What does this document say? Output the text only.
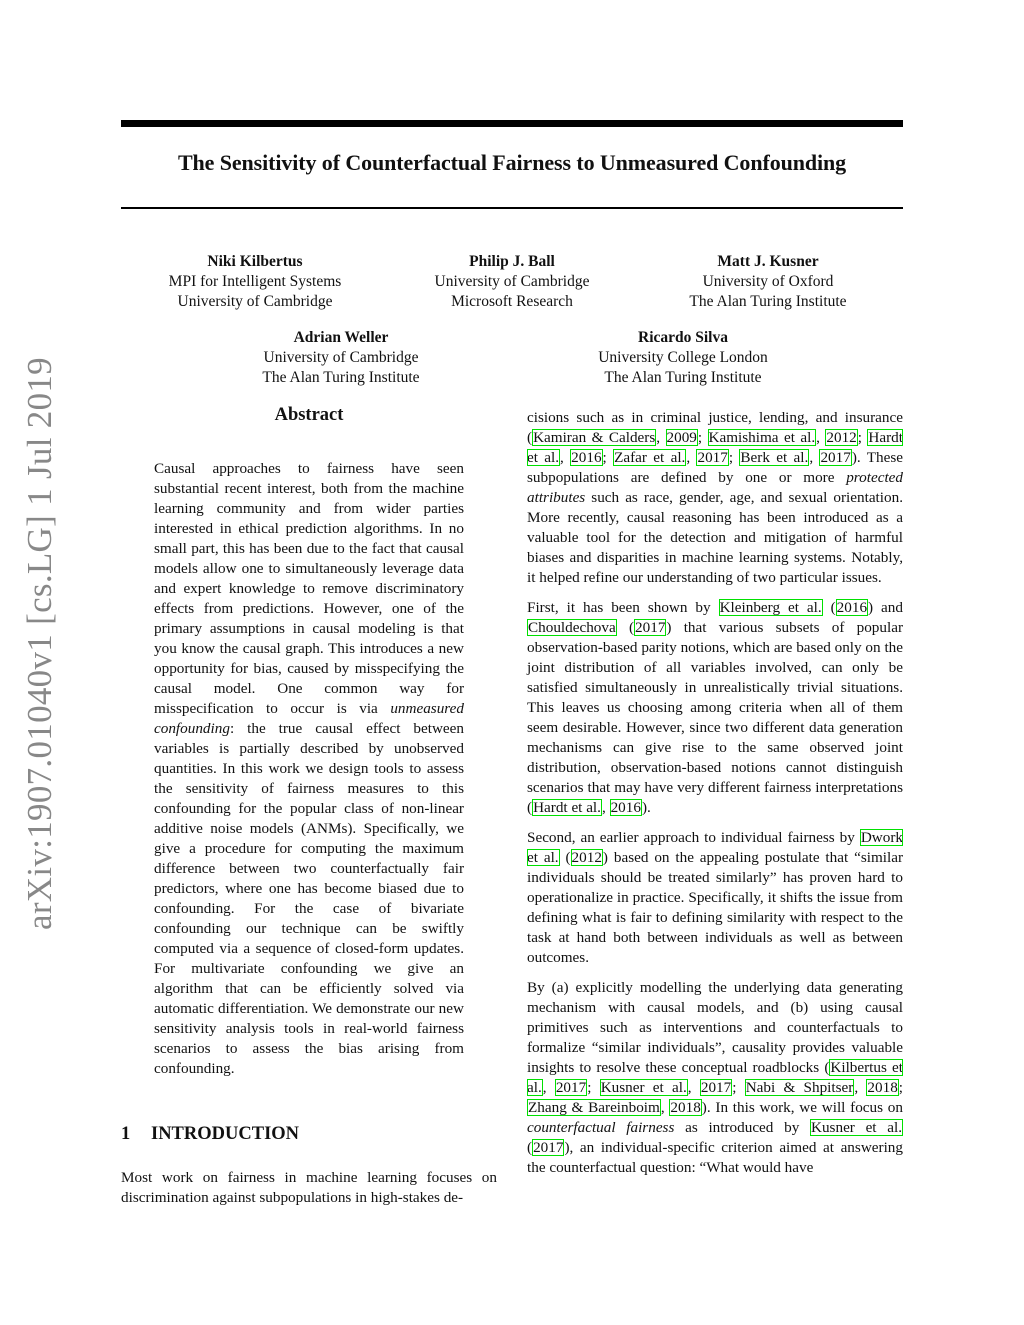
The Sensitivity of Counterfactual Fairness to Unmeasured Confounding
arXiv:1907.01040v1 [cs.LG] 1 Jul 2019
Niki Kilbertus
MPI for Intelligent Systems
University of Cambridge
Philip J. Ball
University of Cambridge
Microsoft Research
Matt J. Kusner
University of Oxford
The Alan Turing Institute
Adrian Weller
University of Cambridge
The Alan Turing Institute
Ricardo Silva
University College London
The Alan Turing Institute
Abstract
Causal approaches to fairness have seen substantial recent interest, both from the machine learning community and from wider parties interested in ethical prediction algorithms. In no small part, this has been due to the fact that causal models allow one to simultaneously leverage data and expert knowledge to remove discriminatory effects from predictions. However, one of the primary assumptions in causal modeling is that you know the causal graph. This introduces a new opportunity for bias, caused by misspecifying the causal model. One common way for misspecification to occur is via unmeasured confounding: the true causal effect between variables is partially described by unobserved quantities. In this work we design tools to assess the sensitivity of fairness measures to this confounding for the popular class of non-linear additive noise models (ANMs). Specifically, we give a procedure for computing the maximum difference between two counterfactually fair predictors, where one has become biased due to confounding. For the case of bivariate confounding our technique can be swiftly computed via a sequence of closed-form updates. For multivariate confounding we give an algorithm that can be efficiently solved via automatic differentiation. We demonstrate our new sensitivity analysis tools in real-world fairness scenarios to assess the bias arising from confounding.
1 INTRODUCTION
Most work on fairness in machine learning focuses on discrimination against subpopulations in high-stakes de-

cisions such as in criminal justice, lending, and insurance (Kamiran & Calders, 2009; Kamishima et al., 2012; Hardt et al., 2016; Zafar et al., 2017; Berk et al., 2017). These subpopulations are defined by one or more protected attributes such as race, gender, age, and sexual orientation. More recently, causal reasoning has been introduced as a valuable tool for the detection and mitigation of harmful biases and disparities in machine learning systems. Notably, it helped refine our understanding of two particular issues.

First, it has been shown by Kleinberg et al. (2016) and Chouldechova (2017) that various subsets of popular observation-based parity notions, which are based only on the joint distribution of all variables involved, can only be satisfied simultaneously in unrealistically trivial situations. This leaves us choosing among criteria when all of them seem desirable. However, since two different data generation mechanisms can give rise to the same observed joint distribution, observation-based notions cannot distinguish scenarios that may have very different fairness interpretations (Hardt et al., 2016).

Second, an earlier approach to individual fairness by Dwork et al. (2012) based on the appealing postulate that “similar individuals should be treated similarly” has proven hard to operationalize in practice. Specifically, it shifts the issue from defining what is fair to defining similarity with respect to the task at hand both between individuals as well as between outcomes.

By (a) explicitly modelling the underlying data generating mechanism with causal models, and (b) using causal primitives such as interventions and counterfactuals to formalize “similar individuals”, causality provides valuable insights to resolve these conceptual roadblocks (Kilbertus et al., 2017; Kusner et al., 2017; Nabi & Shpitser, 2018; Zhang & Bareinboim, 2018). In this work, we will focus on counterfactual fairness as introduced by Kusner et al. (2017), an individual-specific criterion aimed at answering the counterfactual question: “What would have
